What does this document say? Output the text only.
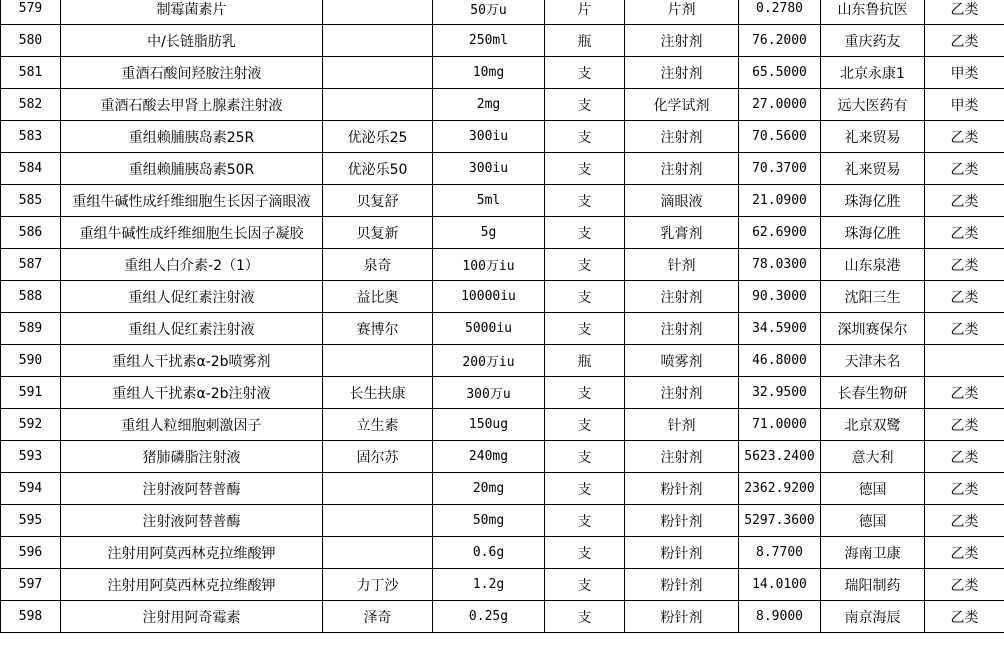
579	制霉菌素片		50万u	片	片剂	0.2780	山东鲁抗医	乙类
580	中/长链脂肪乳		250ml	瓶	注射剂	76.2000	重庆药友	乙类
581	重酒石酸间羟胺注射液		10mg	支	注射剂	65.5000	北京永康1	甲类
582	重酒石酸去甲肾上腺素注射液		2mg	支	化学试剂	27.0000	远大医药有	甲类
583	重组赖脯胰岛素25R	优泌乐25	300iu	支	注射剂	70.5600	礼来贸易	乙类
584	重组赖脯胰岛素50R	优泌乐50	300iu	支	注射剂	70.3700	礼来贸易	乙类
585	重组牛碱性成纤维细胞生长因子滴眼液	贝复舒	5ml	支	滴眼液	21.0900	珠海亿胜	乙类
586	重组牛碱性成纤维细胞生长因子凝胶	贝复新	5g	支	乳膏剂	62.6900	珠海亿胜	乙类
587	重组人白介素-2（1）	泉奇	100万iu	支	针剂	78.0300	山东泉港	乙类
588	重组人促红素注射液	益比奥	10000iu	支	注射剂	90.3000	沈阳三生	乙类
589	重组人促红素注射液	赛博尔	5000iu	支	注射剂	34.5900	深圳赛保尔	乙类
590	重组人干扰素α-2b喷雾剂		200万iu	瓶	喷雾剂	46.8000	天津未名	
591	重组人干扰素α-2b注射液	长生扶康	300万u	支	注射剂	32.9500	长春生物研	乙类
592	重组人粒细胞刺激因子	立生素	150ug	支	针剂	71.0000	北京双鹭	乙类
593	猪肺磷脂注射液	固尔苏	240mg	支	注射剂	5623.2400	意大利	乙类
594	注射液阿替普酶		20mg	支	粉针剂	2362.9200	德国	乙类
595	注射液阿替普酶		50mg	支	粉针剂	5297.3600	德国	乙类
596	注射用阿莫西林克拉维酸钾		0.6g	支	粉针剂	8.7700	海南卫康	乙类
597	注射用阿莫西林克拉维酸钾	力丁沙	1.2g	支	粉针剂	14.0100	瑞阳制药	乙类
598	注射用阿奇霉素	泽奇	0.25g	支	粉针剂	8.9000	南京海辰	乙类
